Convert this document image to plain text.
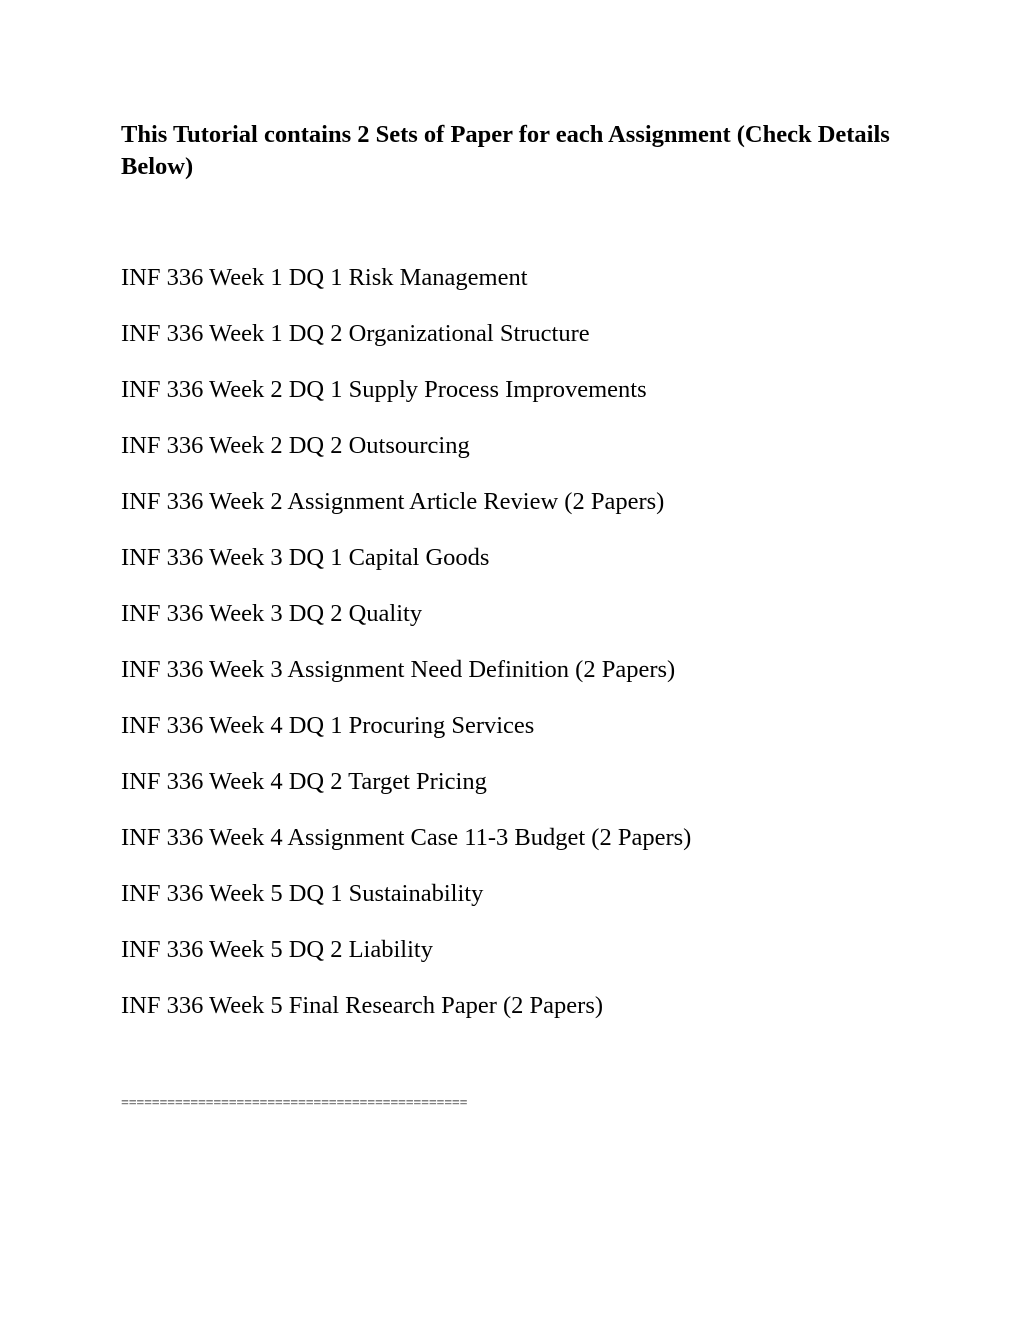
This Tutorial contains 2 Sets of Paper for each Assignment (Check Details Below)
INF 336 Week 1 DQ 1 Risk Management
INF 336 Week 1 DQ 2 Organizational Structure
INF 336 Week 2 DQ 1 Supply Process Improvements
INF 336 Week 2 DQ 2 Outsourcing
INF 336 Week 2 Assignment Article Review (2 Papers)
INF 336 Week 3 DQ 1 Capital Goods
INF 336 Week 3 DQ 2 Quality
INF 336 Week 3 Assignment Need Definition (2 Papers)
INF 336 Week 4 DQ 1 Procuring Services
INF 336 Week 4 DQ 2 Target Pricing
INF 336 Week 4 Assignment Case 11-3 Budget (2 Papers)
INF 336 Week 5 DQ 1 Sustainability
INF 336 Week 5 DQ 2 Liability
INF 336 Week 5 Final Research Paper (2 Papers)

=============================================
